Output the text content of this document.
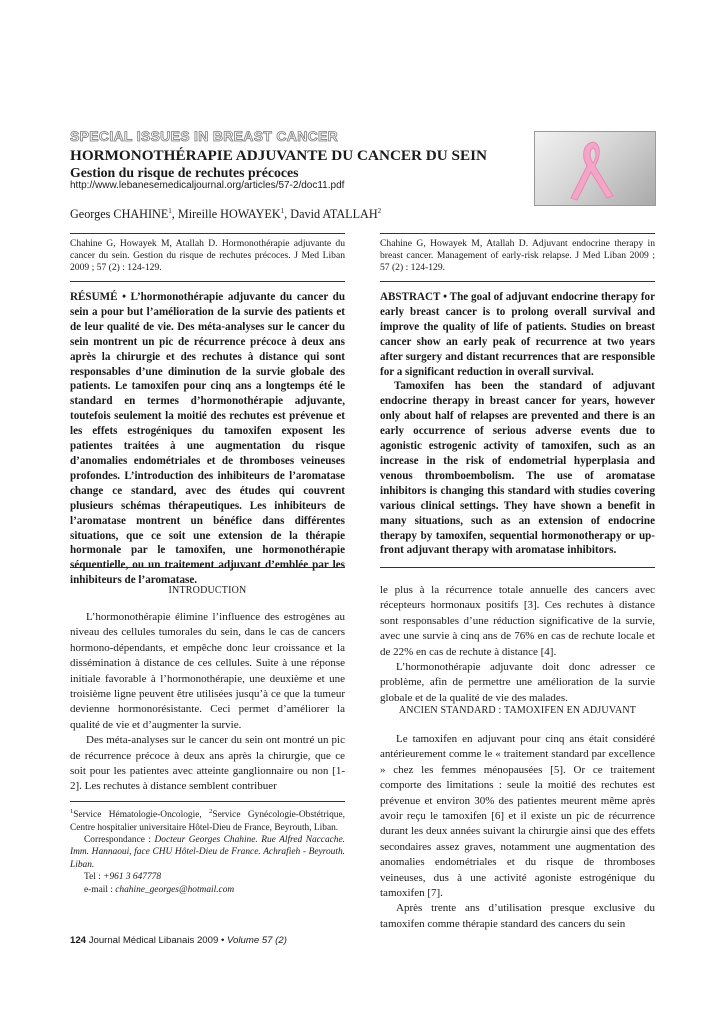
SPECIAL ISSUES IN BREAST CANCER
HORMONOTHÉRAPIE ADJUVANTE DU CANCER DU SEIN
Gestion du risque de rechutes précoces
http://www.lebanesemedicaljournal.org/articles/57-2/doc11.pdf
Georges CHAHINE$^1$, Mireille HOWAYEK$^1$, David ATALLAH$^2$
Chahine G, Howayek M, Atallah D. Hormonothérapie adjuvante du cancer du sein. Gestion du risque de rechutes précoces. J Med Liban 2009 ; 57 (2) : 124-129.
Chahine G, Howayek M, Atallah D. Adjuvant endocrine therapy in breast cancer. Management of early-risk relapse. J Med Liban 2009 ; 57 (2) : 124-129.
RÉSUMÉ • L’hormonothérapie adjuvante du cancer du sein a pour but l’amélioration de la survie des patients et de leur qualité de vie. Des méta-analyses sur le cancer du sein montrent un pic de récurrence précoce à deux ans après la chirurgie et des rechutes à distance qui sont responsables d’une diminution de la survie globale des patients. Le tamoxifen pour cinq ans a longtemps été le standard en termes d’hormonothérapie adjuvante, toutefois seulement la moitié des rechutes est prévenue et les effets estrogéniques du tamoxifen exposent les patientes traitées à une augmentation du risque d’anomalies endométriales et de thromboses veineuses profondes. L’introduction des inhibiteurs de l’aromatase change ce standard, avec des études qui couvrent plusieurs schémas thérapeutiques. Les inhibiteurs de l’aromatase montrent un bénéfice dans différentes situations, que ce soit une extension de la thérapie hormonale par le tamoxifen, une hormonothérapie séquentielle, ou un traitement adjuvant d’emblée par les inhibiteurs de l’aromatase.
ABSTRACT • The goal of adjuvant endocrine therapy for early breast cancer is to prolong overall survival and improve the quality of life of patients. Studies on breast cancer show an early peak of recurrence at two years after surgery and distant recurrences that are responsible for a significant reduction in overall survival.
Tamoxifen has been the standard of adjuvant endocrine therapy in breast cancer for years, however only about half of relapses are prevented and there is an early occurrence of serious adverse events due to agonistic estrogenic activity of tamoxifen, such as an increase in the risk of endometrial hyperplasia and venous thromboembolism. The use of aromatase inhibitors is changing this standard with studies covering various clinical settings. They have shown a benefit in many situations, such as an extension of endocrine therapy by tamoxifen, sequential hormonotherapy or up-front adjuvant therapy with aromatase inhibitors.
INTRODUCTION

L’hormonothérapie élimine l’influence des estrogènes au niveau des cellules tumorales du sein, dans le cas de cancers hormono-dépendants, et empêche donc leur croissance et la dissémination à distance de ces cellules. Suite à une réponse initiale favorable à l’hormonothérapie, une deuxième et une troisième ligne peuvent être utilisées jusqu’à ce que la tumeur devienne hormonorésistante. Ceci permet d’améliorer la qualité de vie et d’augmenter la survie.

Des méta-analyses sur le cancer du sein ont montré un pic de récurrence précoce à deux ans après la chirurgie, que ce soit pour les patientes avec atteinte ganglionnaire ou non [1-2]. Les rechutes à distance semblent contribuer

$^1$Service Hématologie-Oncologie, $^2$Service Gynécologie-Obstétrique, Centre hospitalier universitaire Hôtel-Dieu de France, Beyrouth, Liban.

Correspondance : Docteur Georges Chahine. Rue Alfred Naccache. Imm. Hannaoui, face CHU Hôtel-Dieu de France. Achrafieh - Beyrouth. Liban.

Tel : +961 3 647778

e-mail : chahine_georges@hotmail.com

le plus à la récurrence totale annuelle des cancers avec récepteurs hormonaux positifs [3]. Ces rechutes à distance sont responsables d’une réduction significative de la survie, avec une survie à cinq ans de 76% en cas de rechute locale et de 22% en cas de rechute à distance [4].

L’hormonothérapie adjuvante doit donc adresser ce problème, afin de permettre une amélioration de la survie globale et de la qualité de vie des malades.

ANCIEN STANDARD : TAMOXIFEN EN ADJUVANT

Le tamoxifen en adjuvant pour cinq ans était considéré antérieurement comme le « traitement standard par excellence » chez les femmes ménopausées [5]. Or ce traitement comporte des limitations : seule la moitié des rechutes est prévenue et environ 30% des patientes meurent même après avoir reçu le tamoxifen [6] et il existe un pic de récurrence durant les deux années suivant la chirurgie ainsi que des effets secondaires assez graves, notamment une augmentation des anomalies endométriales et du risque de thromboses veineuses, dus à une activité agoniste estrogénique du tamoxifen [7].

Après trente ans d’utilisation presque exclusive du tamoxifen comme thérapie standard des cancers du sein

124 Journal Médical Libanais 2009 • Volume 57 (2)
